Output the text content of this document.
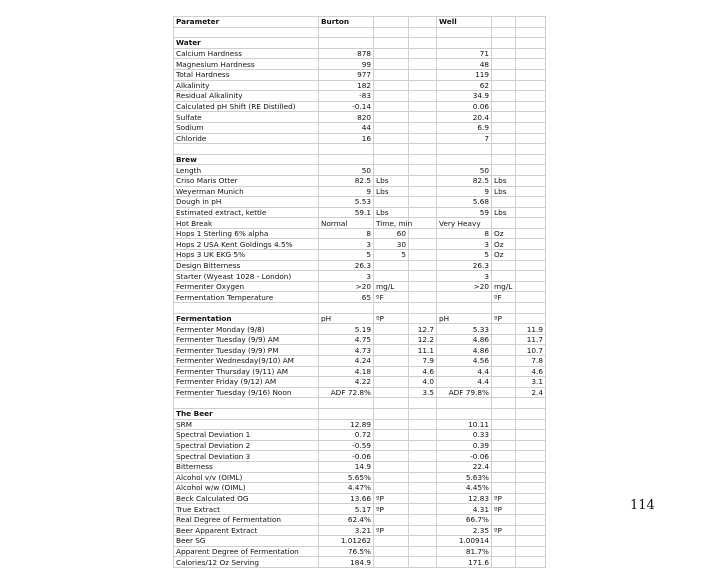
Parameter	Burton			Well		

Water						
Calcium Hardness	878			71		
Magnesium Hardness	99			48		
Total Hardness	977			119		
Alkalinity	182			62		
Residual Alkalinity	-83			34.9		
Calculated pH Shift (RE Distilled)	-0.14			0.06		
Sulfate	820			20.4		
Sodium	44			6.9		
Chloride	16			7		

Brew						
Length	50			50		
Criso Maris Otter	82.5	Lbs		82.5	Lbs	
Weyerman Munich	9	Lbs		9	Lbs	
Dough in pH	5.53			5.68		
Estimated extract, kettle	59.1	Lbs		59	Lbs	
Hot Break	Normal	Time, min		Very Heavy		
Hops 1 Sterling 6% alpha	8	60		8	Oz	
Hops 2 USA Kent Goldings 4.5%	3	30		3	Oz	
Hops 3 UK EKG 5%	5	5		5	Oz	
Design Bitterness	26.3			26.3		
Starter (Wyeast 1028 - London)	3			3		
Fermenter Oxygen	>20	mg/L		>20	mg/L	
Fermentation Temperature	65	ºF			ºF	

Fermentation	pH	ºP		pH	ºP	
Fermenter Monday (9/8)	5.19		12.7	5.33		11.9
Fermenter Tuesday (9/9) AM	4.75		12.2	4.86		11.7
Fermenter Tuesday (9/9) PM	4.73		11.1	4.86		10.7
Fermenter Wednesday(9/10) AM	4.24		7.9	4.56		7.8
Fermenter Thursday (9/11) AM	4.18		4.6	4.4		4.6
Fermenter Friday (9/12) AM	4.22		4.0	4.4		3.1
Fermenter Tuesday (9/16) Noon	ADF 72.8%		3.5	ADF 79.8%		2.4

The Beer						
SRM	12.89			10.11		
Spectral Deviation 1	0.72			0.33		
Spectral Deviation 2	-0.59			0.39		
Spectral Deviation 3	-0.06			-0.06		
Bitterness	14.9			22.4		
Alcohol v/v (OIML)	5.65%			5.63%		
Alcohol w/w (OIML)	4.47%			4.45%		
Beck Calculated OG	13.66	ºP		12.83	ºP	
True Extract	5.17	ºP		4.31	ºP	
Real Degree of Fermentation	62.4%			66.7%		
Beer Apparent Extract	3.21	ºP		2.35	ºP	
Beer SG	1.01262			1.00914		
Apparent Degree of Fermentation	76.5%			81.7%		
Calories/12 Oz Serving	184.9			171.6		
114
